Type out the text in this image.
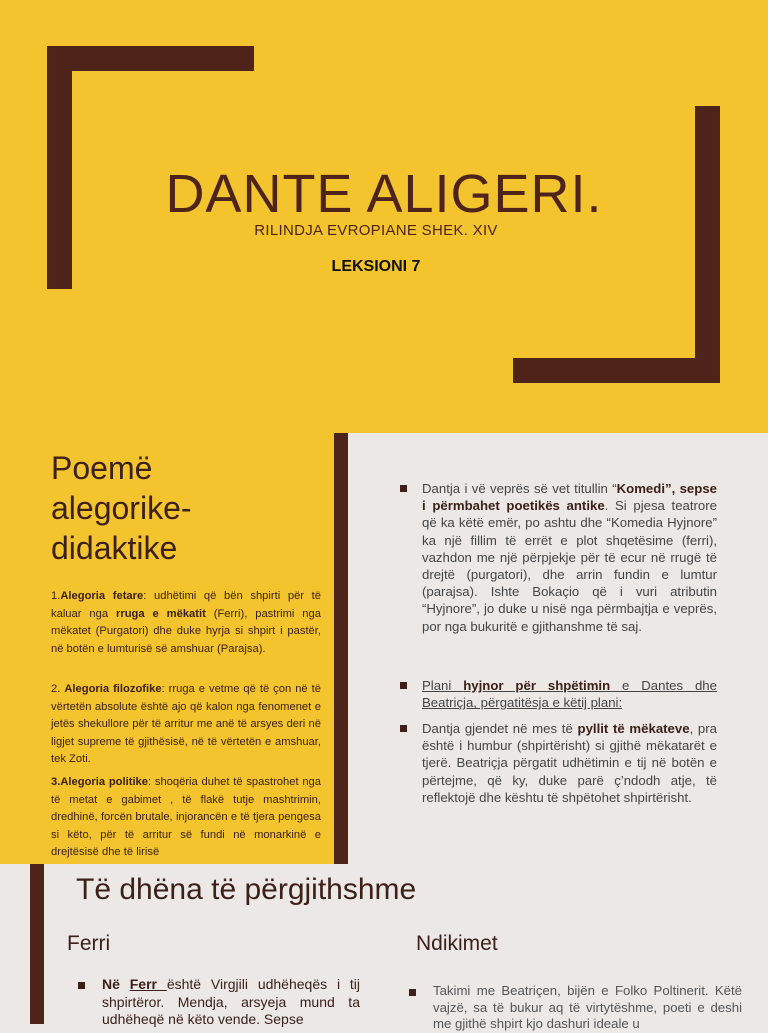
DANTE ALIGERI.
RILINDJA EVROPIANE SHEK. XIV
LEKSIONI 7
Poemë
alegorike-
didaktike
1.Alegoria fetare: udhëtimi që bën shpirti për të kaluar nga rruga e mëkatit (Ferri), pastrimi nga mëkatet (Purgatori) dhe duke hyrja si shpirt i pastër, në botën e lumturisë së amshuar (Parajsa).
2. Alegoria filozofike: rruga e vetme që të çon në të vërtetën absolute është ajo që kalon nga fenomenet e jetës shekullore për të arritur me anë të arsyes deri në ligjet supreme të gjithësisë, në të vërtetën e amshuar, tek Zoti.
3.Alegoria politike: shoqëria duhet të spastrohet nga të metat e gabimet , të flakë tutje mashtrimin, dredhinë, forcën brutale, injorancën e të tjera pengesa si këto, për të arritur së fundi në monarkinë e drejtësisë dhe të lirisë
Dantja i vë veprës së vet titullin “Komedi”, sepse i përmbahet poetikës antike. Si pjesa teatrore që ka këtë emër, po ashtu dhe “Komedia Hyjnore” ka një fillim të errët e plot shqetësime (ferri), vazhdon me një përpjekje për të ecur në rrugë të drejtë (purgatori), dhe arrin fundin e lumtur (parajsa). Ishte Bokaçio që i vuri atributin “Hyjnore”, jo duke u nisë nga përmbajtja e veprës, por nga bukuritë e gjithanshme të saj.
Plani hyjnor për shpëtimin e Dantes dhe Beatriçja, përgatitësja e këtij plani:
Dantja gjendet në mes të pyllit të mëkateve, pra është i humbur (shpirtërisht) si gjithë mëkatarët e tjerë. Beatriçja përgatit udhëtimin e tij në botën e përtejme, që ky, duke parë ç’ndodh atje, të reflektojë dhe kështu të shpëtohet shpirtërisht.
Të dhëna të përgjithshme
Ferri	Ndikimet
Në Ferr është Virgjili udhëheqës i tij shpirtëror. Mendja, arsyeja mund ta udhëheqë në këto vende. Sepse
Takimi me Beatriçen, bijën e Folko Poltinerit. Këtë vajzë, sa të bukur aq të virtytëshme, poeti e deshi me gjithë shpirt kjo dashuri ideale u
